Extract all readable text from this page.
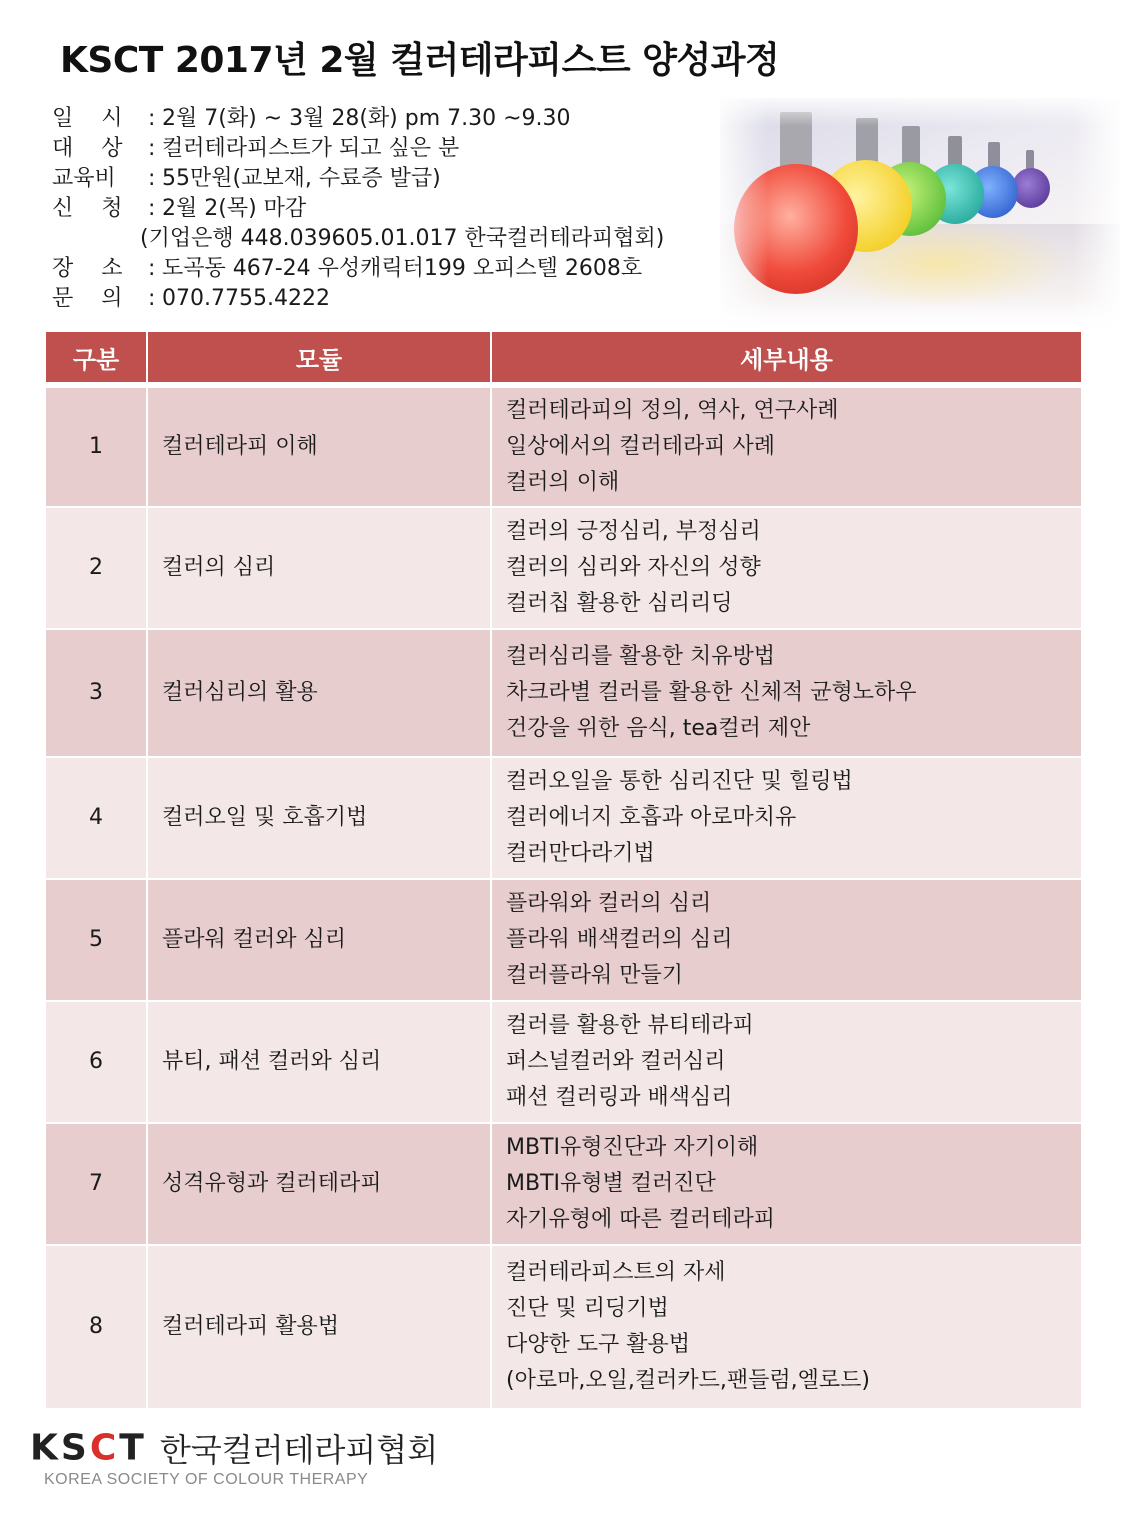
KSCT 2017년 2월 컬러테라피스트 양성과정
일    시	: 2월 7(화) ~ 3월 28(화) pm 7.30 ~9.30
대    상	: 컬러테라피스트가 되고 싶은 분
교육비	: 55만원(교보재, 수료증 발급)
신    청	: 2월 2(목) 마감
(기업은행 448.039605.01.017 한국컬러테라피협회)
장    소	: 도곡동 467-24 우성캐릭터199 오피스텔 2608호
문    의	: 070.7755.4222
구분	모듈	세부내용
1	컬러테라피 이해	컬러테라피의 정의, 역사, 연구사례
일상에서의 컬러테라피 사례
컬러의 이해

2	컬러의 심리	컬러의 긍정심리, 부정심리
컬러의 심리와 자신의 성향
컬러칩 활용한 심리리딩

3	컬러심리의 활용	컬러심리를 활용한 치유방법
차크라별 컬러를 활용한 신체적 균형노하우
건강을 위한 음식, tea컬러 제안

4	컬러오일 및 호흡기법	컬러오일을 통한 심리진단 및 힐링법
컬러에너지 호흡과 아로마치유
컬러만다라기법

5	플라워 컬러와 심리	플라워와 컬러의 심리
플라워 배색컬러의 심리
컬러플라워 만들기

6	뷰티, 패션 컬러와 심리	컬러를 활용한 뷰티테라피
퍼스널컬러와 컬러심리
패션 컬러링과 배색심리

7	성격유형과 컬러테라피	MBTI유형진단과 자기이해
MBTI유형별 컬러진단
자기유형에 따른 컬러테라피

8	컬러테라피 활용법	컬러테라피스트의 자세
진단 및 리딩기법
다양한 도구 활용법
(아로마,오일,컬러카드,팬들럼,엘로드)
KSCT 한국컬러테라피협회
KOREA SOCIETY OF COLOUR THERAPY
